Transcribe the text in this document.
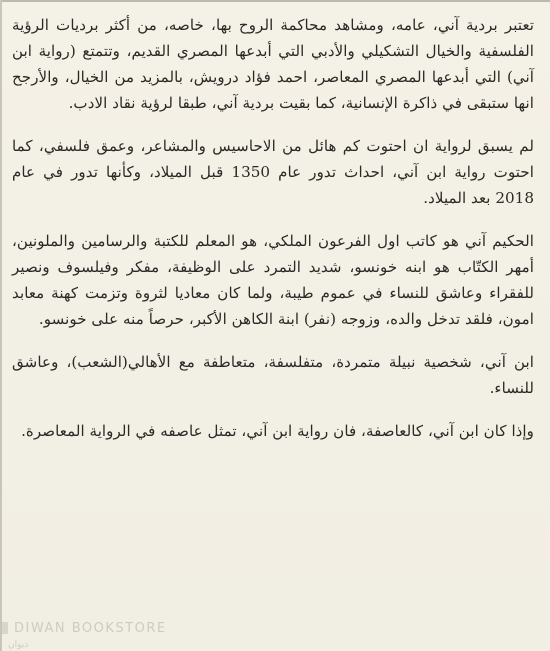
تعتبر بردية آني، عامه، ومشاهد محاكمة الروح بها، خاصه، من أكثر برديات الرؤية الفلسفية والخيال التشكيلي والأدبي التي أبدعها المصري القديم، وتتمتع (رواية ابن آني) التي أبدعها المصري المعاصر، احمد فؤاد درويش، بالمزيد من الخيال، والأرجح انها ستبقى في ذاكرة الإنسانية، كما بقيت بردية آني، طبقا لرؤية نقاد الادب.

لم يسبق لرواية ان احتوت كم هائل من الاحاسيس والمشاعر، وعمق فلسفي، كما احتوت رواية ابن آني، احداث تدور عام 1350 قبل الميلاد، وكأنها تدور في عام 2018 بعد الميلاد.

الحكيم آني هو كاتب اول الفرعون الملكي، هو المعلم للكتبة والرسامين والملونين، أمهر الكتّاب هو ابنه خونسو، شديد التمرد على الوظيفة، مفكر وفيلسوف ونصير للفقراء وعاشق للنساء في عموم طيبة، ولما كان معاديا لثروة وتزمت كهنة معابد امون، فلقد تدخل والده، وزوجه (نفر) ابنة الكاهن الأكبر، حرصاً منه على خونسو.

ابن آني، شخصية نبيلة متمردة، متفلسفة، متعاطفة مع الأهالي(الشعب)، وعاشق للنساء.

وإذا كان ابن آني، كالعاصفة، فان رواية ابن آني، تمثل عاصفه في الرواية المعاصرة.

DIWAN BOOKSTORE
ديوان
